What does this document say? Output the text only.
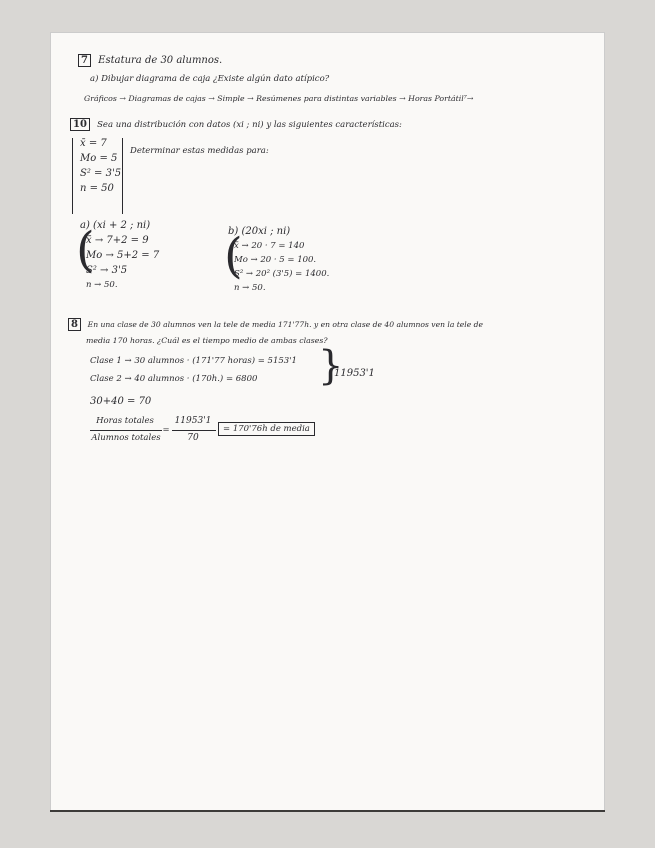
7 Estatura de 30 alumnos.
a) Dibujar diagrama de caja ¿Existe algún dato atípico?
Gráficos → Diagramas de cajas → Simple → Resúmenes para distintas variables → Horas Portátil⁷→
10 Sea una distribución con datos (xi ; ni) y las siguientes características:
x̄ = 7
Mo = 5
S² = 3'5
n = 50
Determinar estas medidas para:
a) (xi + 2 ; ni)
x̄ → 7+2 = 9
Mo → 5+2 = 7
S² → 3'5
n → 50.
(	b) (20xi ; ni)
x̄ → 20 · 7 = 140
Mo → 20 · 5 = 100.
S² → 20² (3'5) = 1400.
n → 50.
(
8 En una clase de 30 alumnos ven la tele de media 171'77h. y en otra clase de 40 alumnos ven la tele de
media 170 horas. ¿Cuál es el tiempo medio de ambas clases?
Clase 1 → 30 alumnos · (171'77 horas) = 5153'1
Clase 2 → 40 alumnos · (170h.) = 6800 }
11953'1
30+40 = 70
Horas totales
Alumnos totales
=
11953'1
70
= 170'76h de media
